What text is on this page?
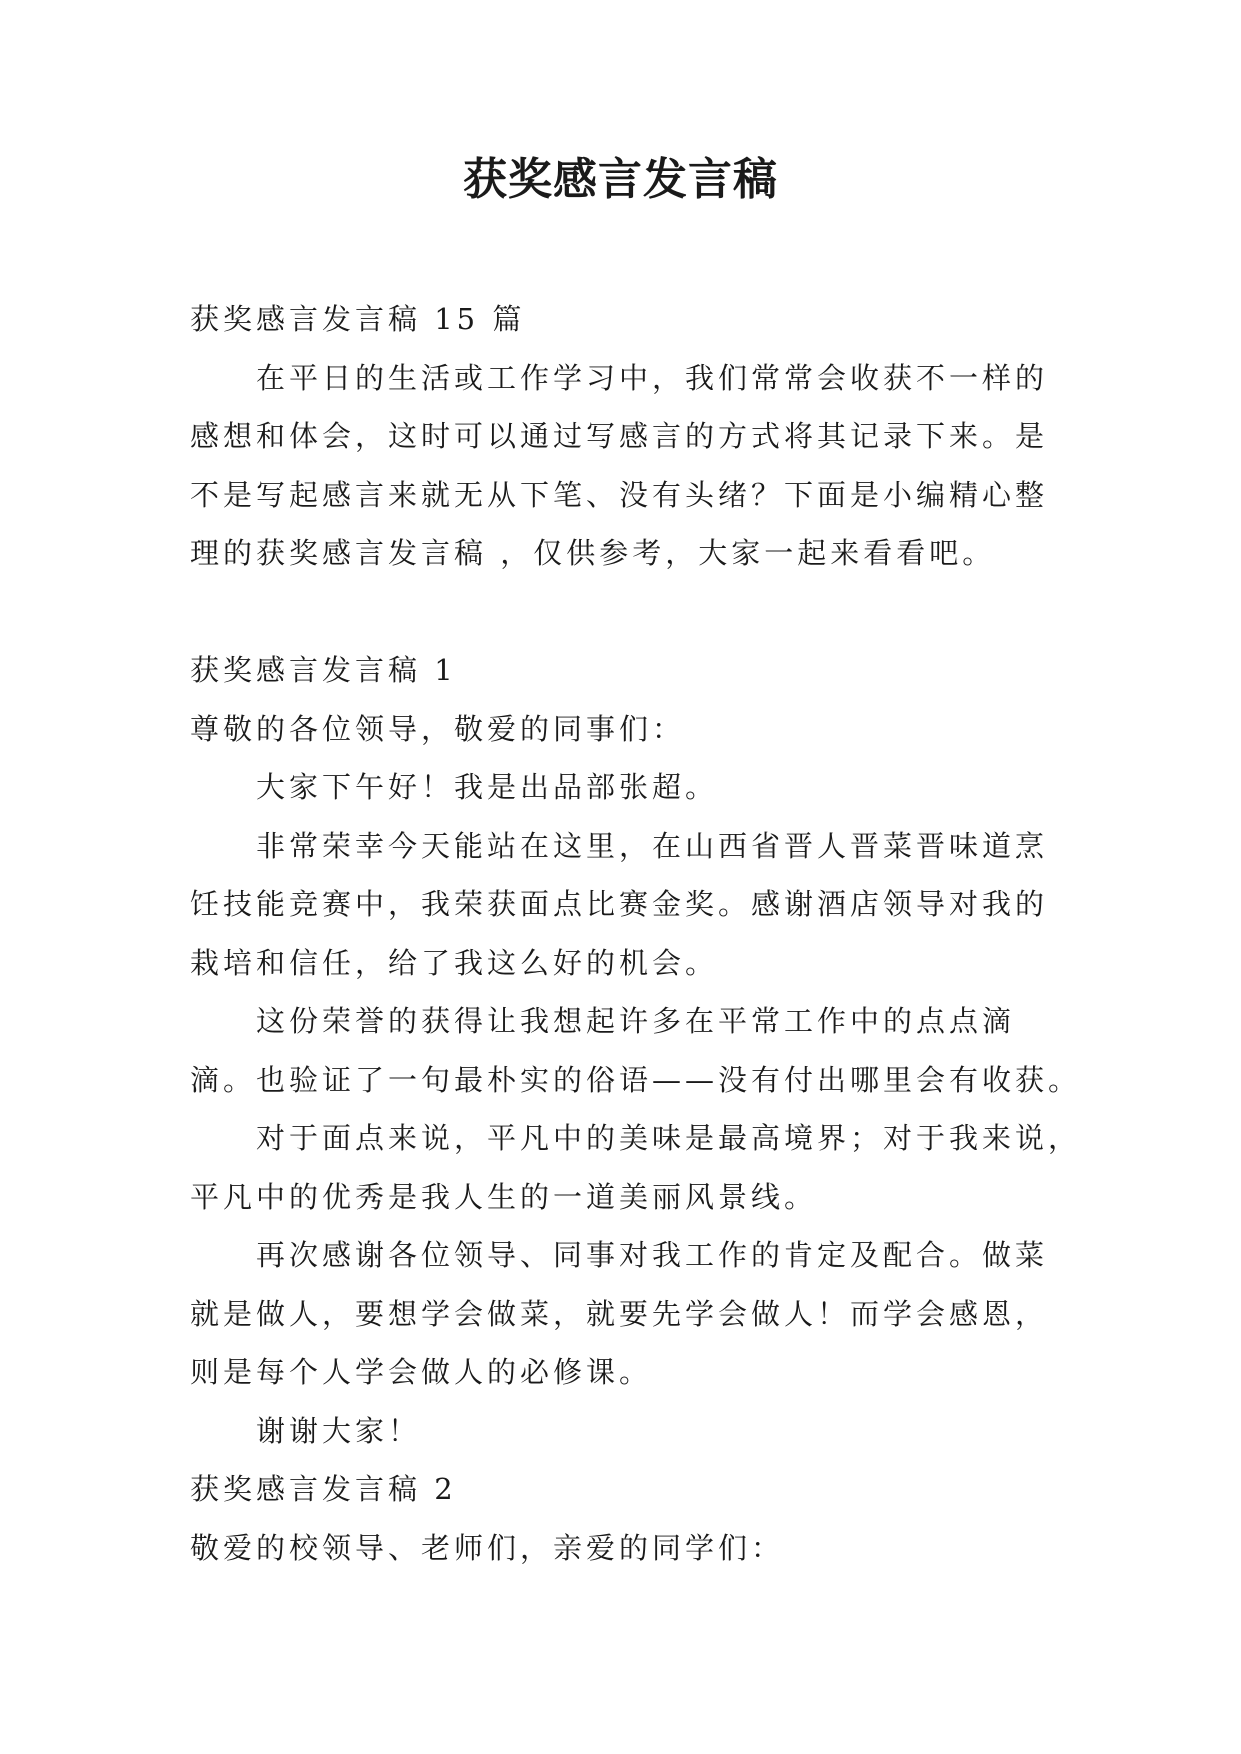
获奖感言发言稿
获奖感言发言稿 15 篇
　　在平日的生活或工作学习中，我们常常会收获不一样的
感想和体会，这时可以通过写感言的方式将其记录下来。是
不是写起感言来就无从下笔、没有头绪？下面是小编精心整
理的获奖感言发言稿 ，仅供参考，大家一起来看看吧。
获奖感言发言稿 1
尊敬的各位领导，敬爱的同事们：
　　大家下午好！我是出品部张超。
　　非常荣幸今天能站在这里，在山西省晋人晋菜晋味道烹
饪技能竞赛中，我荣获面点比赛金奖。感谢酒店领导对我的
栽培和信任，给了我这么好的机会。
　　这份荣誉的获得让我想起许多在平常工作中的点点滴
滴。也验证了一句最朴实的俗语——没有付出哪里会有收获。
　　对于面点来说，平凡中的美味是最高境界；对于我来说，
平凡中的优秀是我人生的一道美丽风景线。
　　再次感谢各位领导、同事对我工作的肯定及配合。做菜
就是做人，要想学会做菜，就要先学会做人！而学会感恩，
则是每个人学会做人的必修课。
　　谢谢大家！
获奖感言发言稿 2
敬爱的校领导、老师们，亲爱的同学们：
